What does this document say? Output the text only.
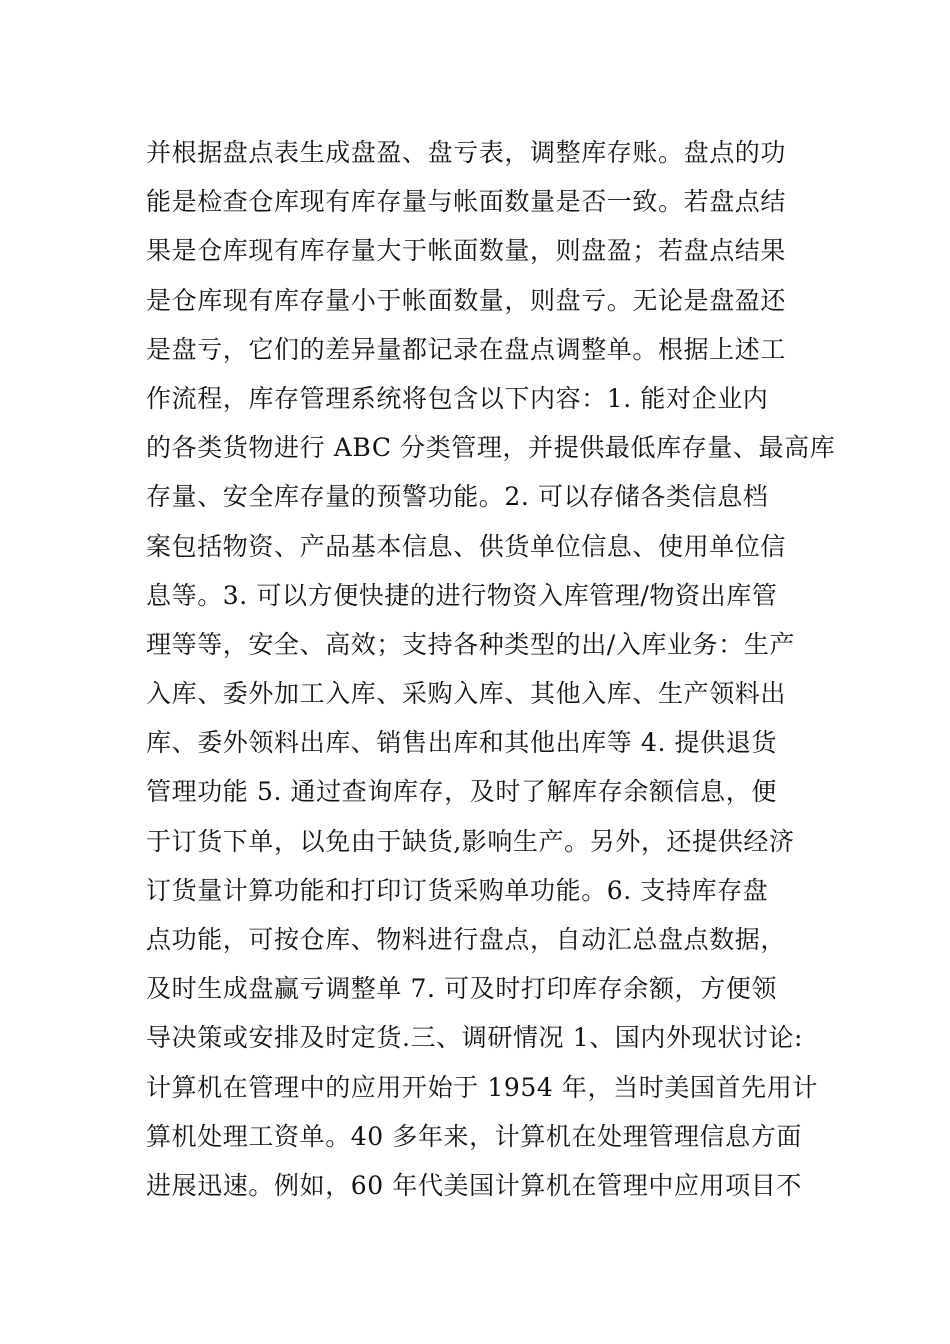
并根据盘点表生成盘盈、盘亏表，调整库存账。盘点的功
能是检查仓库现有库存量与帐面数量是否一致。若盘点结
果是仓库现有库存量大于帐面数量，则盘盈；若盘点结果
是仓库现有库存量小于帐面数量，则盘亏。无论是盘盈还
是盘亏，它们的差异量都记录在盘点调整单。根据上述工
作流程，库存管理系统将包含以下内容：1. 能对企业内
的各类货物进行 ABC 分类管理，并提供最低库存量、最高库
存量、安全库存量的预警功能。2. 可以存储各类信息档
案包括物资、产品基本信息、供货单位信息、使用单位信
息等。3. 可以方便快捷的进行物资入库管理/物资出库管
理等等，安全、高效；支持各种类型的出/入库业务：生产
入库、委外加工入库、采购入库、其他入库、生产领料出
库、委外领料出库、销售出库和其他出库等 4. 提供退货
管理功能 5. 通过查询库存，及时了解库存余额信息，便
于订货下单，以免由于缺货,影响生产。另外，还提供经济
订货量计算功能和打印订货采购单功能。6. 支持库存盘
点功能，可按仓库、物料进行盘点，自动汇总盘点数据，
及时生成盘赢亏调整单 7. 可及时打印库存余额，方便领
导决策或安排及时定货.三、调研情况 1、国内外现状讨论:
计算机在管理中的应用开始于 1954 年，当时美国首先用计
算机处理工资单。40 多年来，计算机在处理管理信息方面
进展迅速。例如，60 年代美国计算机在管理中应用项目不
